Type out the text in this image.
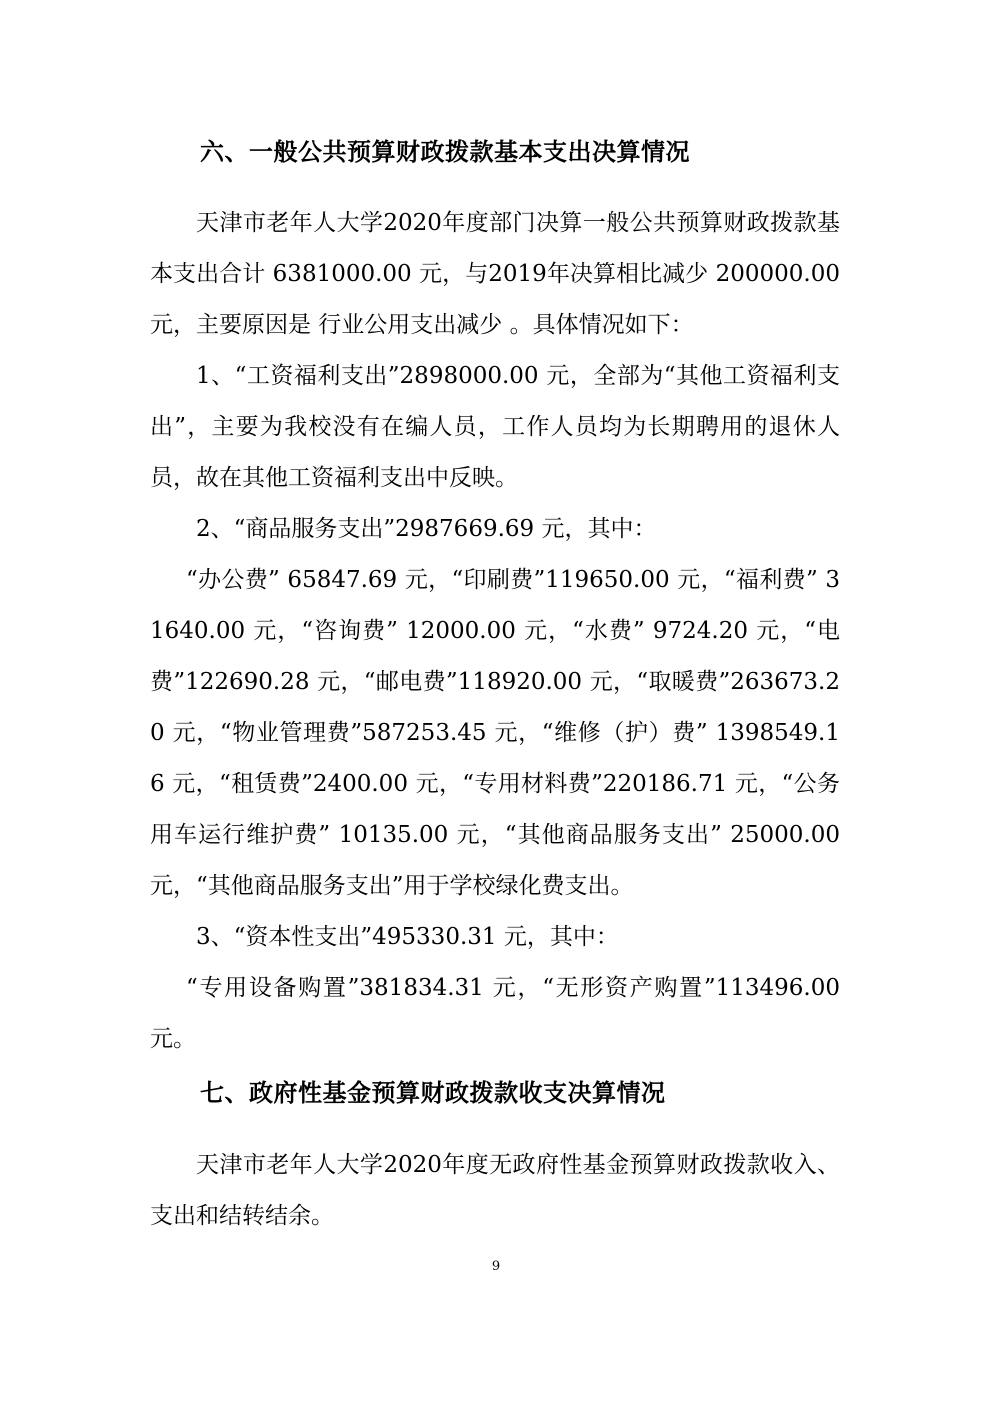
六、一般公共预算财政拨款基本支出决算情况
天津市老年人大学2020年度部门决算一般公共预算财政拨款基本支出合计 6381000.00 元，与2019年决算相比减少 200000.00 元，主要原因是 行业公用支出减少 。具体情况如下：
1、“工资福利支出”2898000.00 元，全部为“其他工资福利支出”，主要为我校没有在编人员，工作人员均为长期聘用的退休人员，故在其他工资福利支出中反映。
2、“商品服务支出”2987669.69 元，其中：
“办公费” 65847.69 元，“印刷费”119650.00 元，“福利费” 31640.00 元，“咨询费” 12000.00 元，“水费” 9724.20 元，“电费”122690.28 元，“邮电费”118920.00 元，“取暖费”263673.20 元，“物业管理费”587253.45 元，“维修（护）费” 1398549.16 元，“租赁费”2400.00 元，“专用材料费”220186.71 元，“公务用车运行维护费” 10135.00 元，“其他商品服务支出” 25000.00 元，“其他商品服务支出”用于学校绿化费支出。
3、“资本性支出”495330.31 元，其中：
“专用设备购置”381834.31 元，“无形资产购置”113496.00 元。
七、政府性基金预算财政拨款收支决算情况
天津市老年人大学2020年度无政府性基金预算财政拨款收入、支出和结转结余。
9
